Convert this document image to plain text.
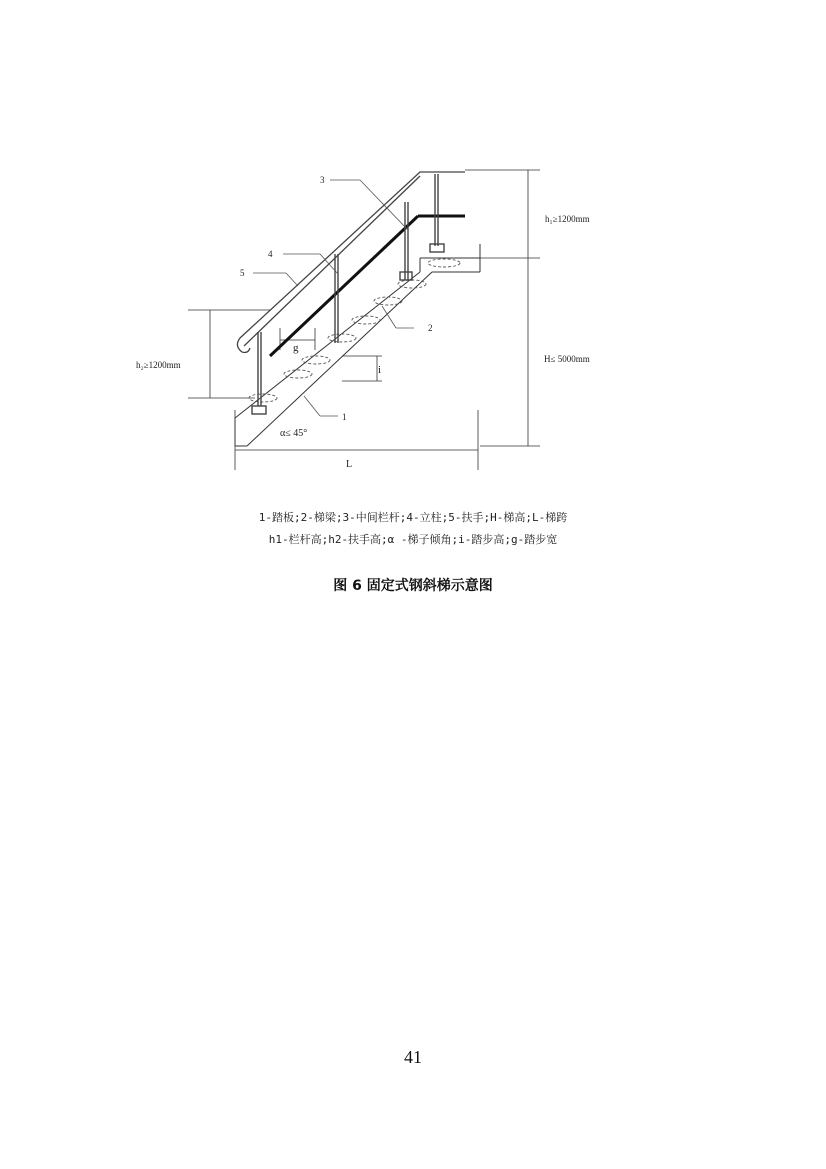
3
4
5
2
1
g
i
h₁≥1200mm
h₂≥1200mm
H≤ 5000mm
L
α≤ 45°
1-踏板;2-梯梁;3-中间栏杆;4-立柱;5-扶手;H-梯高;L-梯跨
h1-栏杆高;h2-扶手高;α -梯子倾角;i-踏步高;g-踏步宽
图 6 固定式钢斜梯示意图
41
